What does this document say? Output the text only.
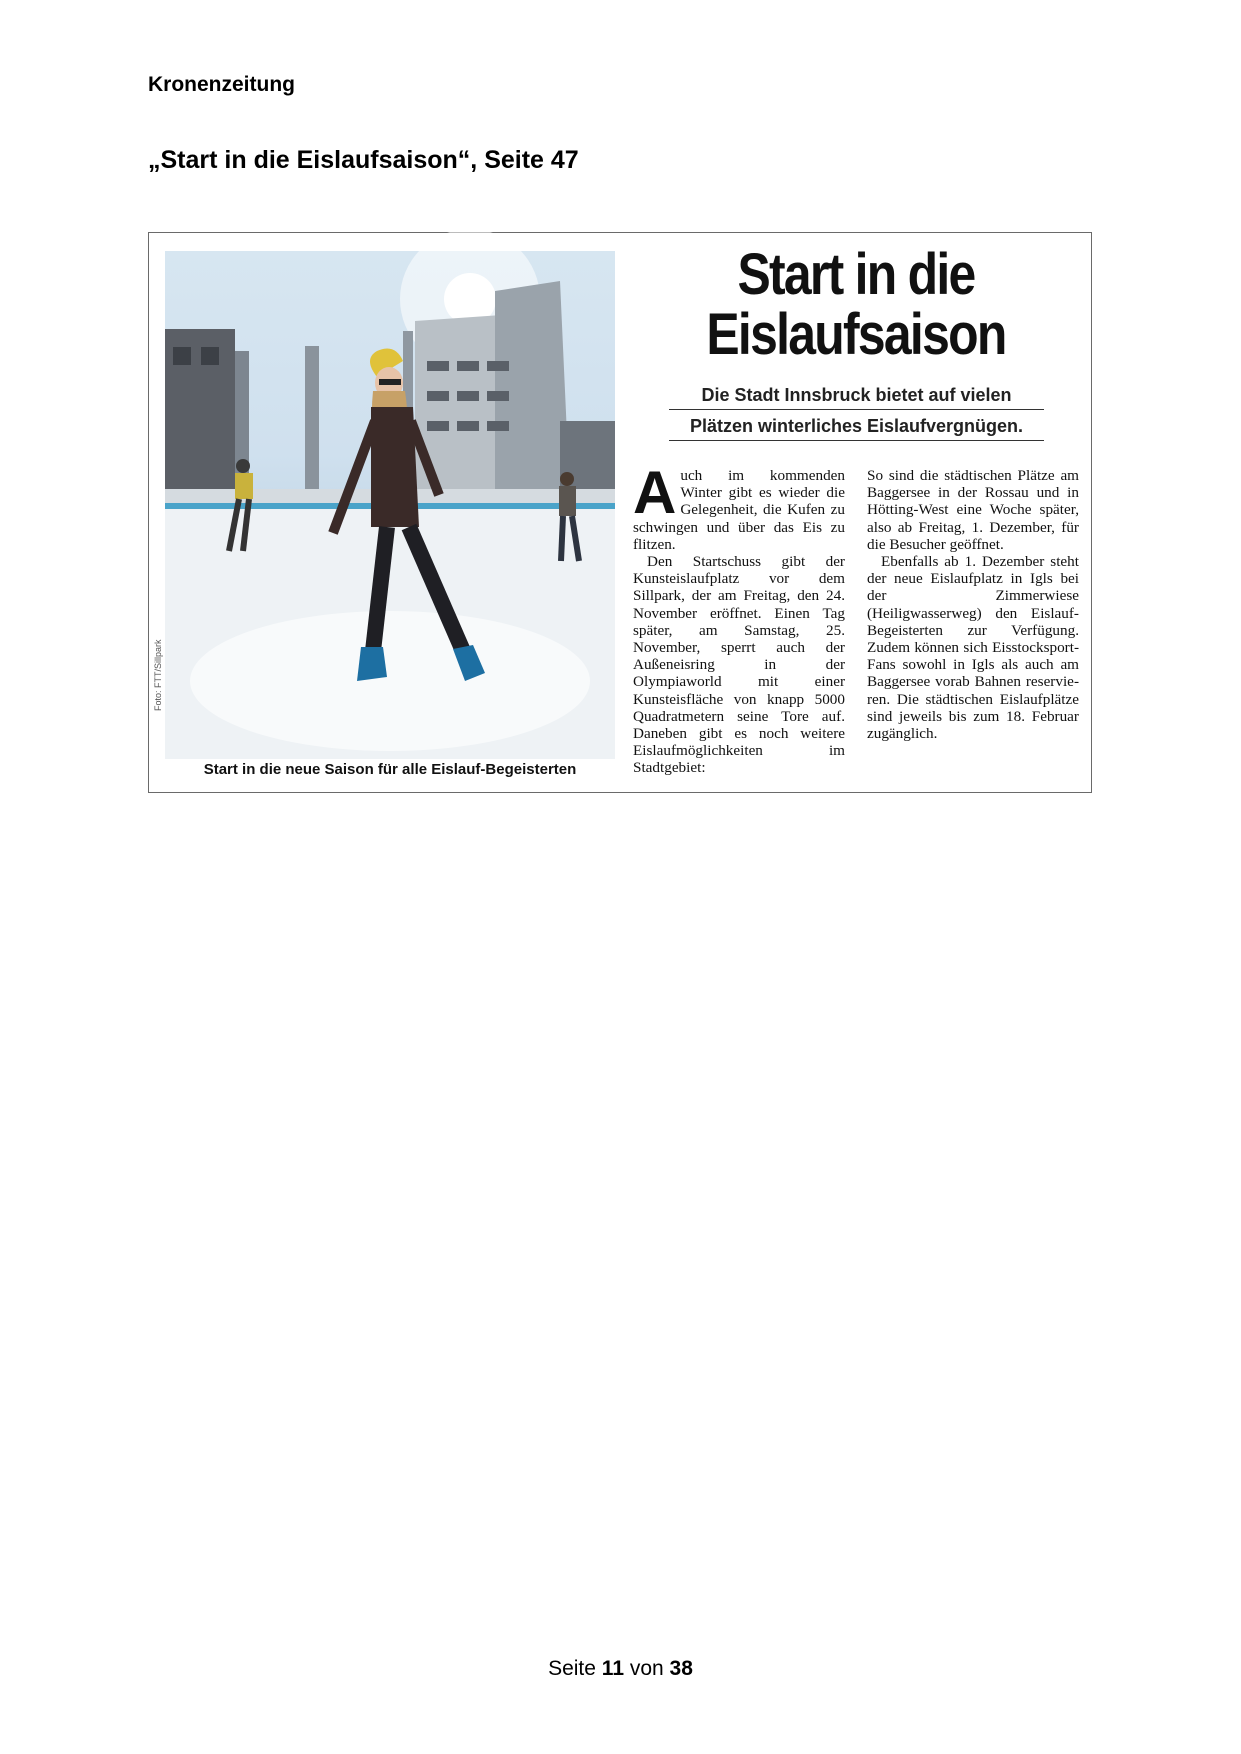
Kronenzeitung
„Start in die Eislaufsaison“, Seite 47
Foto: FTT/Sillpark
Start in die neue Saison für alle Eislauf-Begeisterten
Start in die
Eislaufsaison
Die Stadt Innsbruck bietet auf vielen
Plätzen winterliches Eislaufvergnügen.

Auch im kommenden Winter gibt es wieder die Gelegenheit, die Kufen zu schwingen und über das Eis zu flitzen.

Den Startschuss gibt der Kunsteislaufplatz vor dem Sillpark, der am Freitag, den 24. November eröffnet. Einen Tag später, am Samstag, 25. November, sperrt auch der Außeneisring in der Olympiaworld mit einer Kunsteisfläche von knapp 5000 Quadratmetern seine Tore auf. Daneben gibt es noch weitere Eislaufmöglichkeiten im Stadtgebiet:

So sind die städtischen Plätze am Baggersee in der Rossau und in Hötting-West eine Woche später, also ab Freitag, 1. Dezember, für die Besucher geöffnet.

Ebenfalls ab 1. Dezember steht der neue Eislaufplatz in Igls bei der Zimmerwiese (Heiligwasserweg) den Eislauf-Begeisterten zur Verfügung. Zudem können sich Eisstocksport-Fans sowohl in Igls als auch am Baggersee vorab Bahnen reservieren. Die städtischen Eislaufplätze sind jeweils bis zum 18. Februar zugänglich.

Seite 11 von 38
